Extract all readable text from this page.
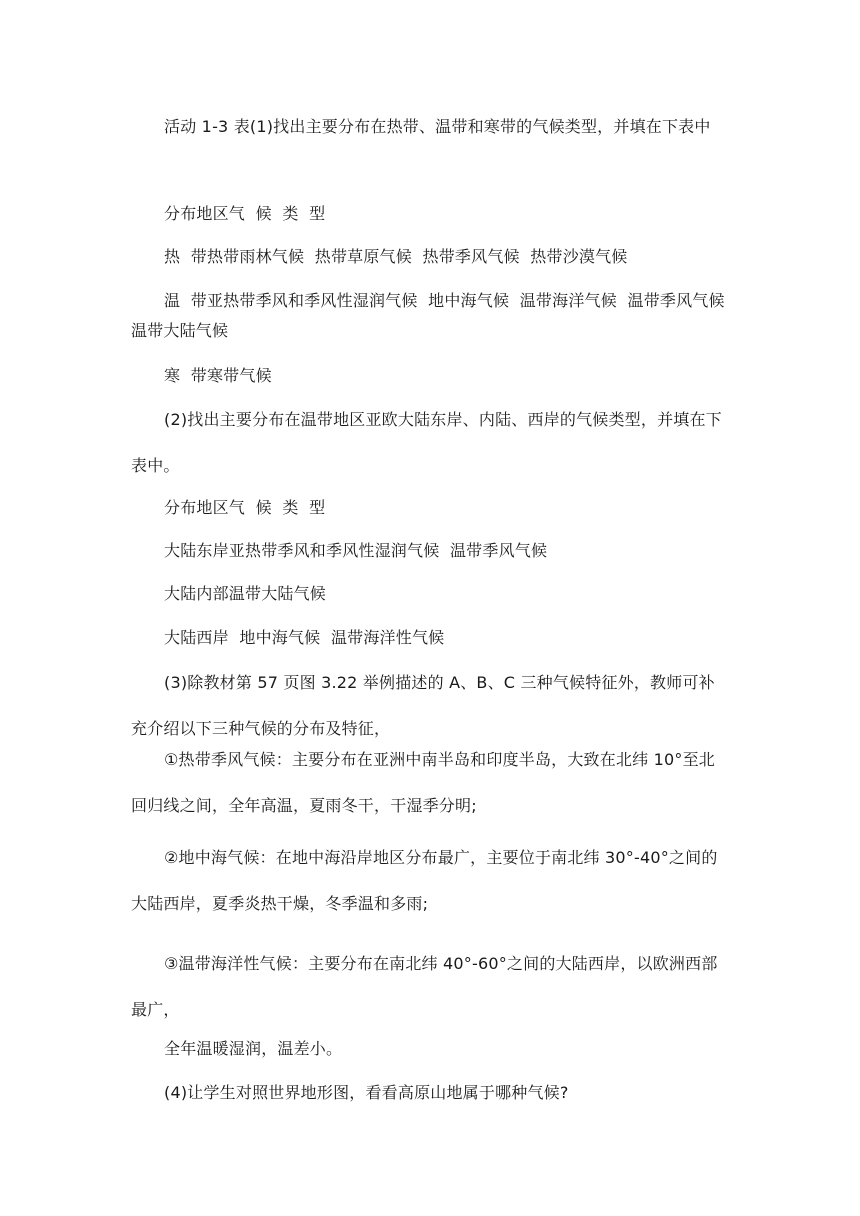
活动 1-3 表(1)找出主要分布在热带、温带和寒带的气候类型，并填在下表中

分布地区气  候  类  型

热  带热带雨林气候  热带草原气候  热带季风气候  热带沙漠气候

温  带亚热带季风和季风性湿润气候  地中海气候  温带海洋气候  温带季风气候  温带大陆气候

寒  带寒带气候

(2)找出主要分布在温带地区亚欧大陆东岸、内陆、西岸的气候类型，并填在下表中。

分布地区气  候  类  型

大陆东岸亚热带季风和季风性湿润气候  温带季风气候

大陆内部温带大陆气候

大陆西岸  地中海气候  温带海洋性气候

(3)除教材第 57 页图 3.22 举例描述的 A、B、C 三种气候特征外，教师可补充介绍以下三种气候的分布及特征，

①热带季风气候：主要分布在亚洲中南半岛和印度半岛，大致在北纬 10°至北回归线之间，全年高温，夏雨冬干，干湿季分明;

②地中海气候：在地中海沿岸地区分布最广，主要位于南北纬 30°-40°之间的大陆西岸，夏季炎热干燥，冬季温和多雨;

③温带海洋性气候：主要分布在南北纬 40°-60°之间的大陆西岸，以欧洲西部最广，

全年温暖湿润，温差小。

(4)让学生对照世界地形图，看看高原山地属于哪种气候?
